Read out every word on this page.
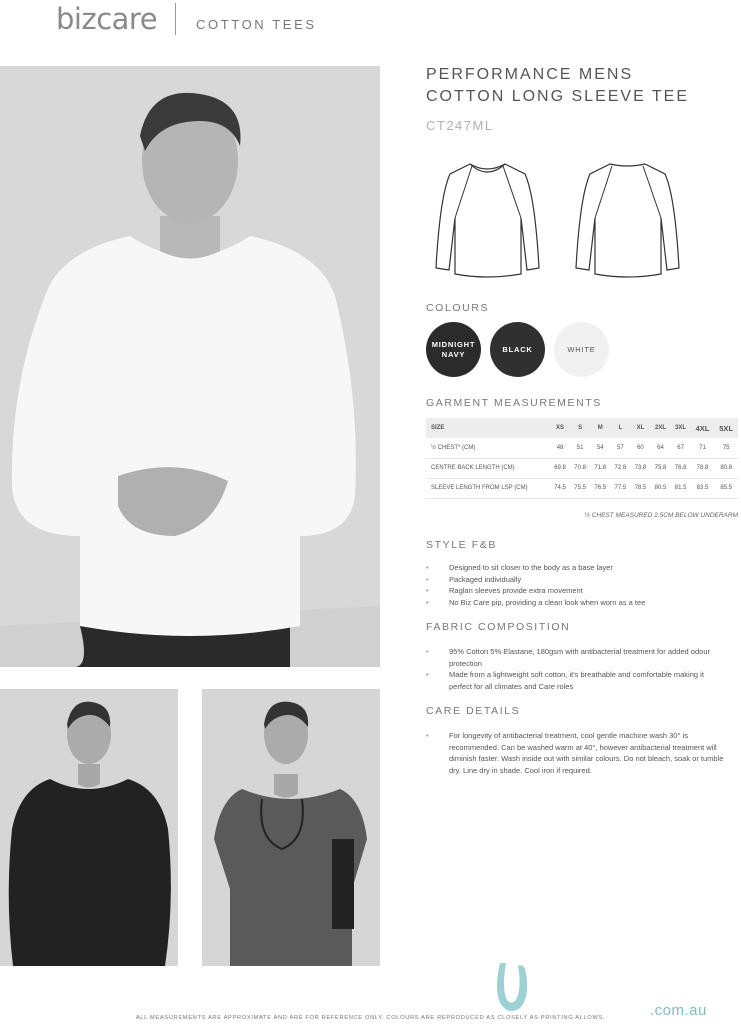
bizcare	COTTON TEES
PERFORMANCE MENS
COTTON LONG SLEEVE TEE
CT247ML
COLOURS
MIDNIGHT
NAVY
BLACK	WHITE
GARMENT MEASUREMENTS
SIZE	XS	S	M	L	XL	2XL	3XL	4XL	5XL
½ CHEST* (CM)	48	51	54	57	60	64	67	71	75
CENTRE BACK LENGTH (CM)	69.8	70.8	71.8	72.8	73.8	75.8	76.8	78.8	80.8
SLEEVE LENGTH FROM LSP (CM)	74.5	75.5	76.5	77.5	78.5	80.5	81.5	83.5	85.5
½ CHEST MEASURED 2.5CM BELOW UNDERARM
STYLE F&B
• Designed to sit closer to the body as a base layer
• Packaged individually
• Raglan sleeves provide extra movement
• No Biz Care pip, providing a clean look when worn as a tee
FABRIC COMPOSITION
• 95% Cotton 5% Elastane, 180gsm with antibacterial treatment for added odour protection
• Made from a lightweight soft cotton, it's breathable and comfortable making it perfect for all climates and Care roles
CARE DETAILS
• For longevity of antibacterial treatment, cool gentle machine wash 30° is recommended. Can be washed warm at 40°, however antibacterial treatment will diminish faster. Wash inside out with similar colours. Do not bleach, soak or tumble dry. Line dry in shade. Cool iron if required.
.com.au
ALL MEASUREMENTS ARE APPROXIMATE AND ARE FOR REFERENCE ONLY. COLOURS ARE REPRODUCED AS CLOSELY AS PRINTING ALLOWS.
